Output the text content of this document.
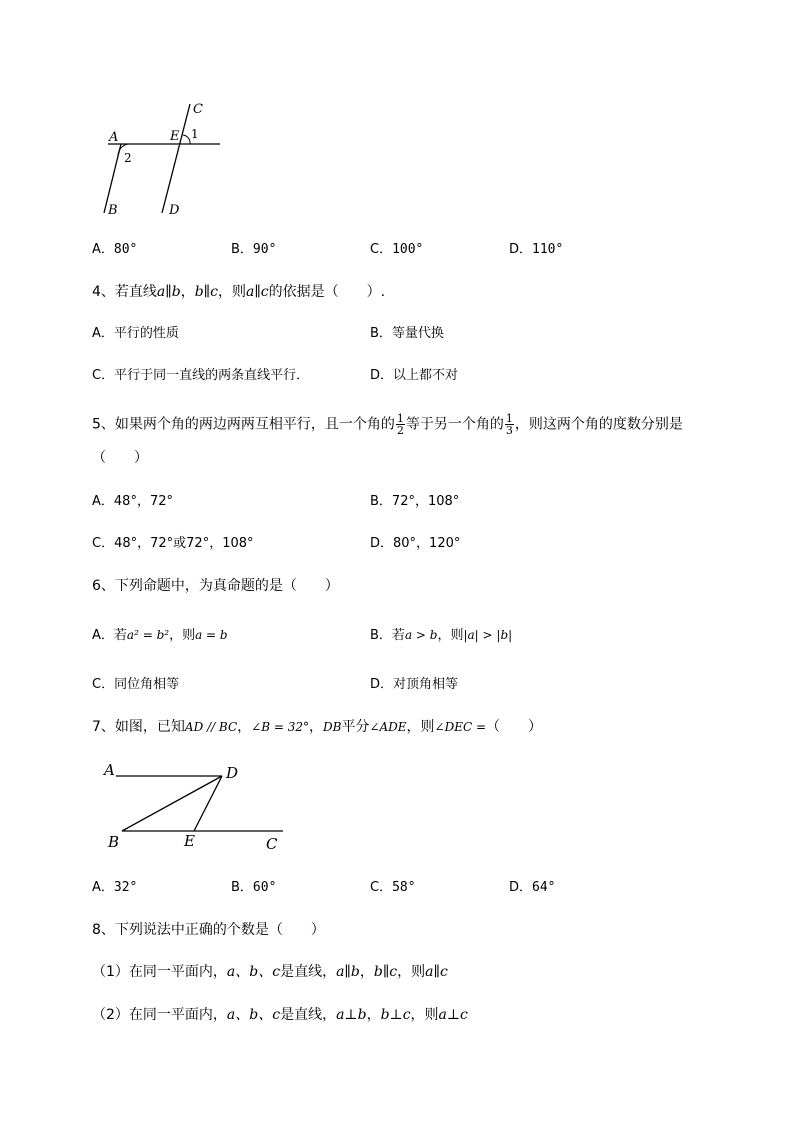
A
B
C
D
E 1
2
A．80°	B．90°	C．100°	D．110°
4、若直线a∥b，b∥c，则a∥c的依据是（　　）.
A．平行的性质	B．等量代换
C．平行于同一直线的两条直线平行．	D．以上都不对
5、如果两个角的两边两两互相平行，且一个角的 $\frac{1}{2}$ 等于另一个角的 $\frac{1}{3}$ ，则这两个角的度数分别是
（　　）
A．48°，72°	B．72°，108°
C．48°，72°或72°，108°	D．80°，120°
6、下列命题中，为真命题的是（　　）
A．若a² = b²，则a = b	B．若a > b，则|a| > |b|
C．同位角相等	D．对顶角相等
7、如图，已知AD // BC，∠B = 32°，DB平分∠ADE，则∠DEC =（　　）
A	D
B	E	C
A．32°	B．60°	C．58°	D．64°
8、下列说法中正确的个数是（　　）
（1）在同一平面内，a、b、c是直线，a∥b，b∥c，则a∥c
（2）在同一平面内，a、b、c是直线，a⊥b，b⊥c，则a⊥c
